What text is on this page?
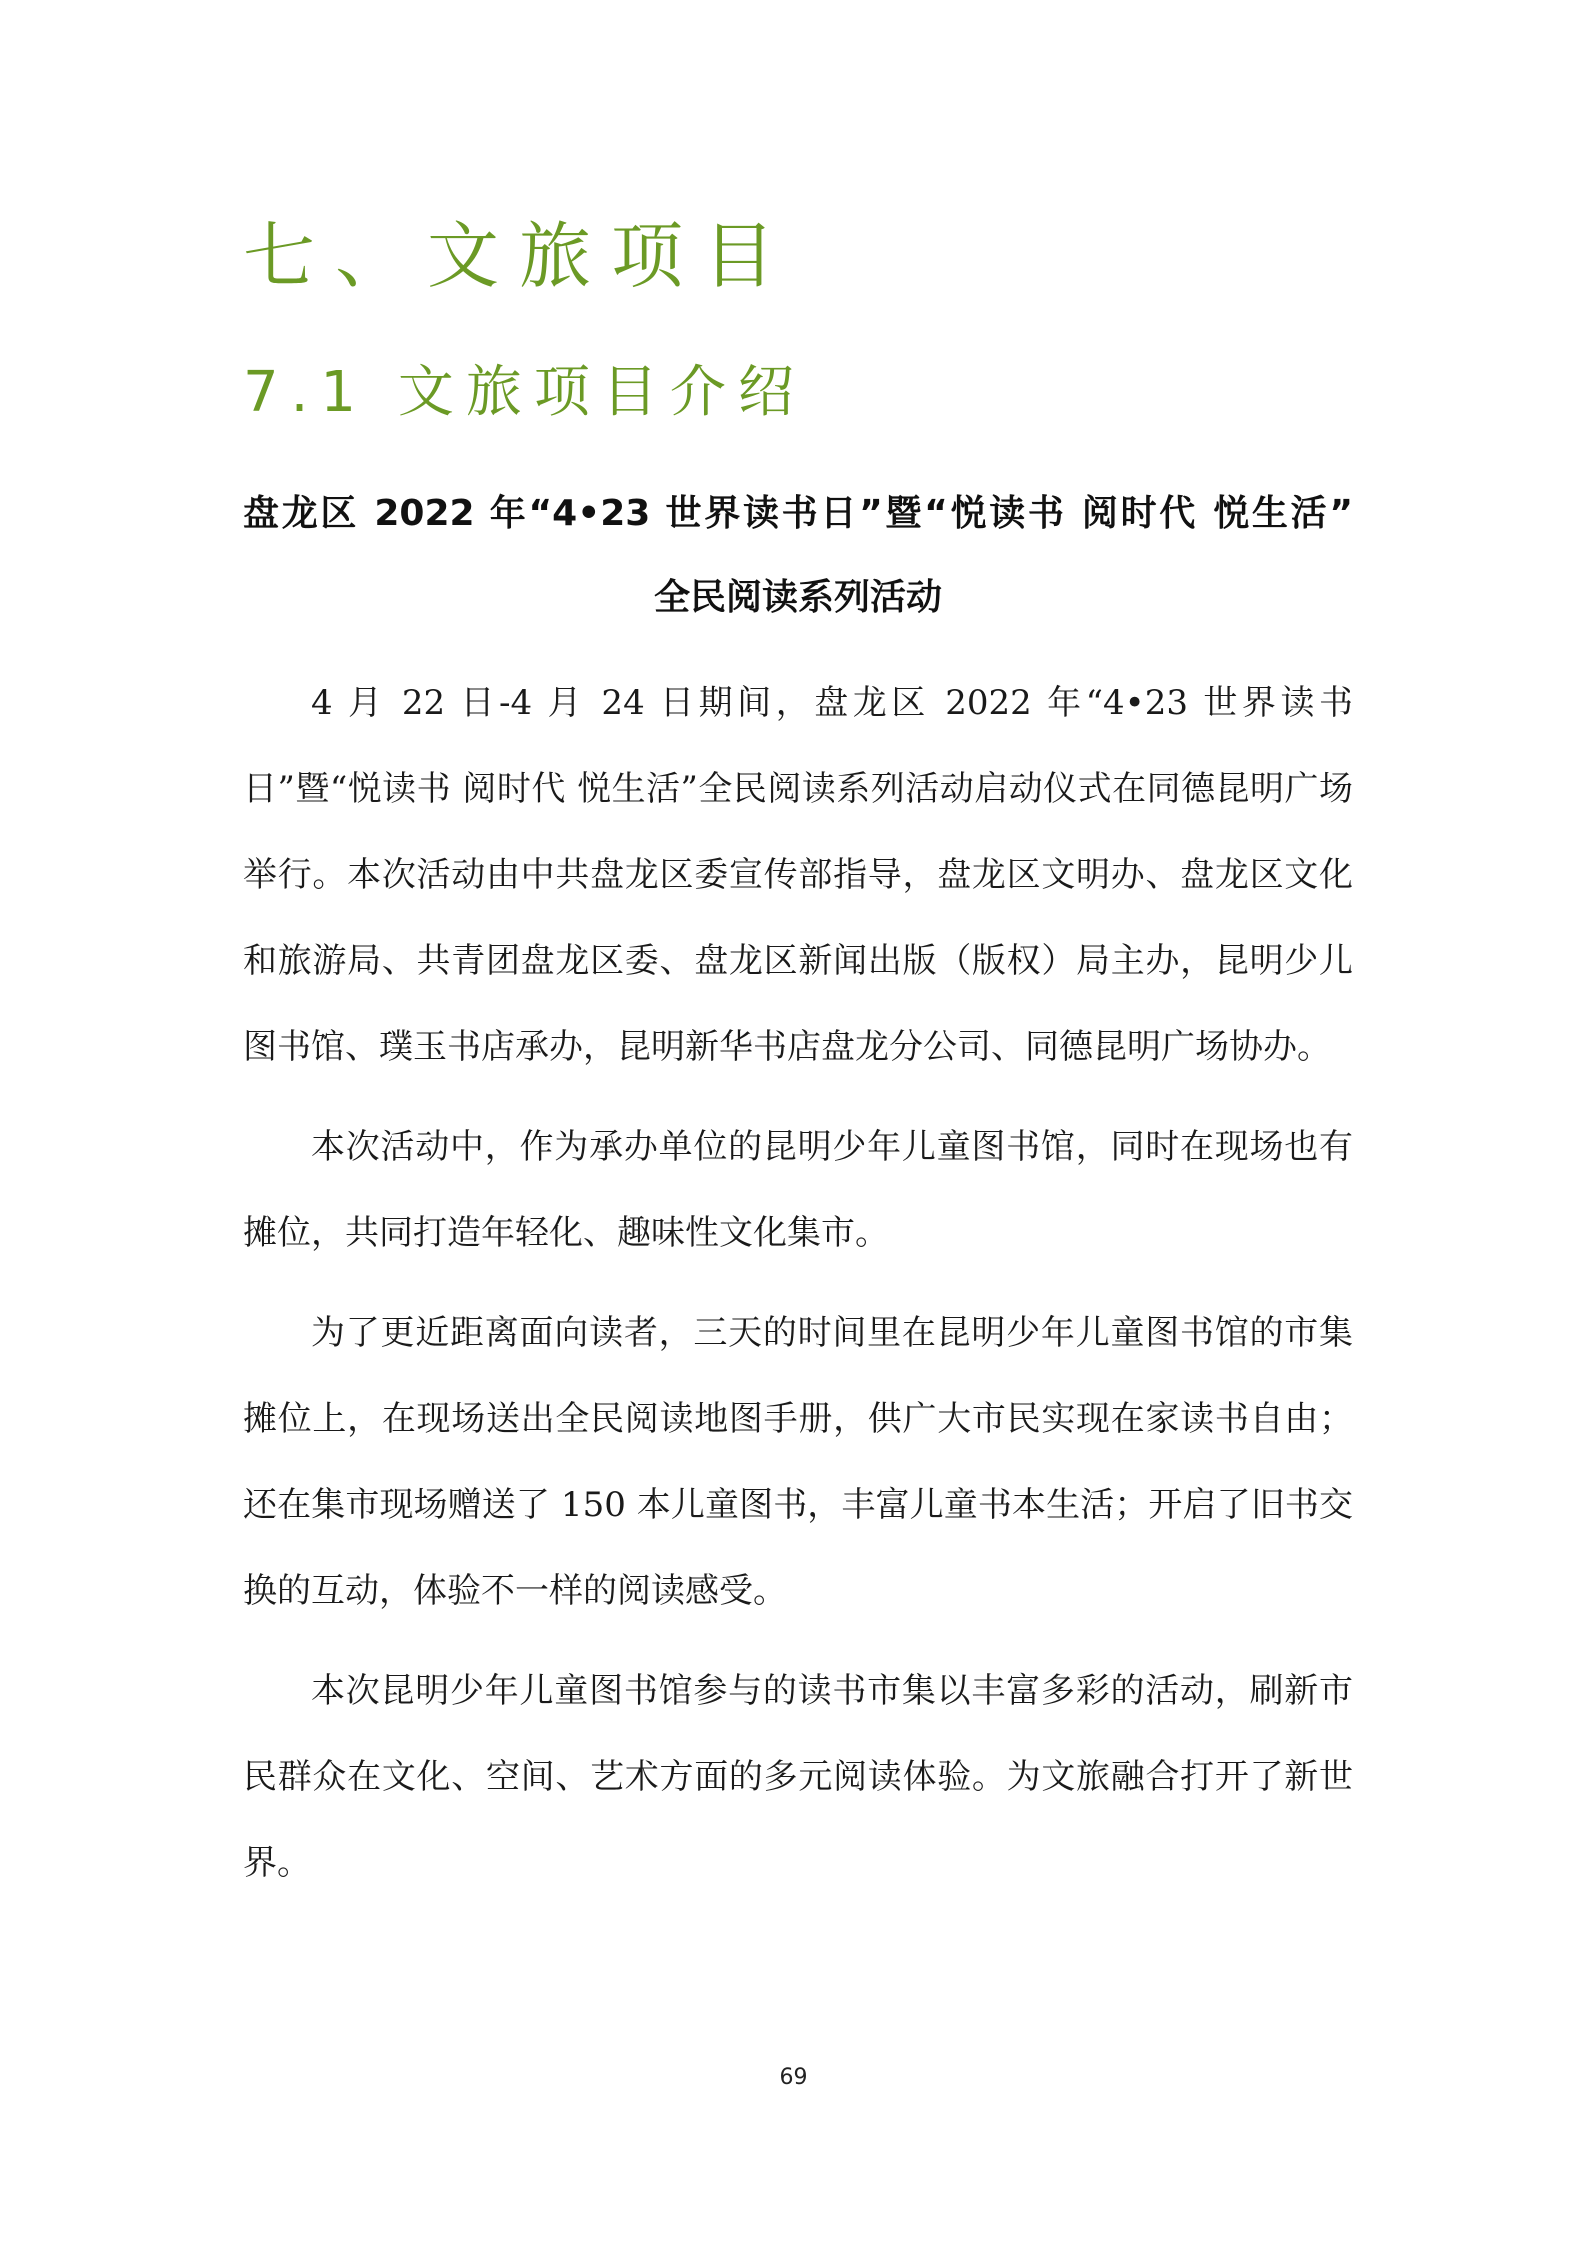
七、文旅项目
7.1 文旅项目介绍
盘龙区 2022 年“4•23 世界读书日”暨“悦读书 阅时代 悦生活”
全民阅读系列活动

4 月 22 日-4 月 24 日期间，盘龙区 2022 年“4•23 世界读书日”暨“悦读书 阅时代 悦生活”全民阅读系列活动启动仪式在同德昆明广场举行。本次活动由中共盘龙区委宣传部指导，盘龙区文明办、盘龙区文化和旅游局、共青团盘龙区委、盘龙区新闻出版（版权）局主办，昆明少儿图书馆、璞玉书店承办，昆明新华书店盘龙分公司、同德昆明广场协办。

本次活动中，作为承办单位的昆明少年儿童图书馆，同时在现场也有摊位，共同打造年轻化、趣味性文化集市。

为了更近距离面向读者，三天的时间里在昆明少年儿童图书馆的市集摊位上，在现场送出全民阅读地图手册，供广大市民实现在家读书自由；还在集市现场赠送了 150 本儿童图书，丰富儿童书本生活；开启了旧书交换的互动，体验不一样的阅读感受。

本次昆明少年儿童图书馆参与的读书市集以丰富多彩的活动，刷新市民群众在文化、空间、艺术方面的多元阅读体验。为文旅融合打开了新世界。

69
